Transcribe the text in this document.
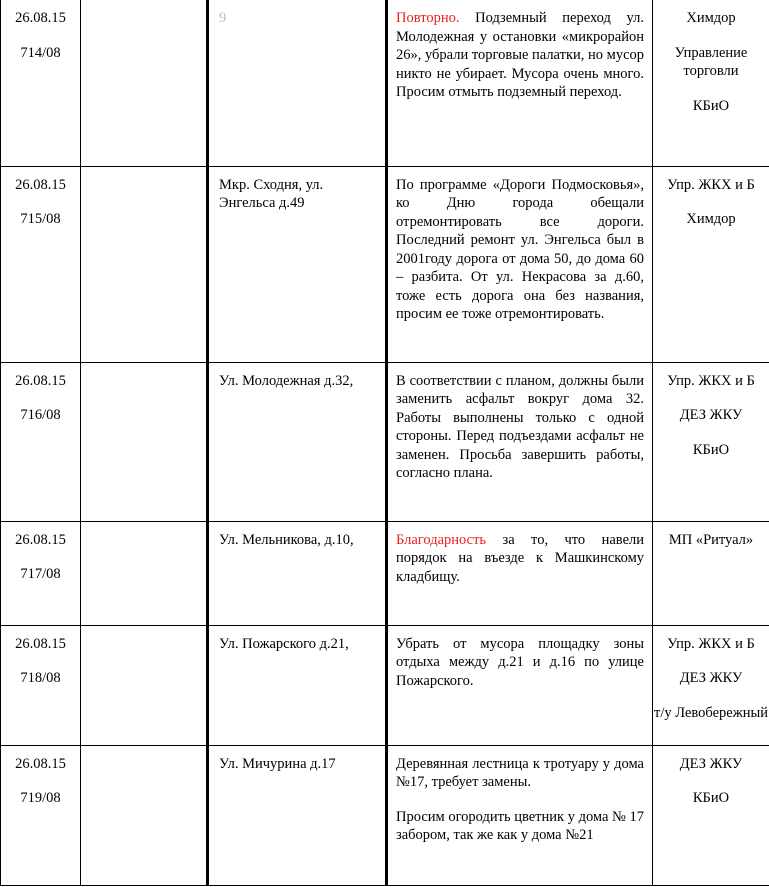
26.08.15
714/08		9	Повторно. Подземный переход ул. Молодежная у остановки «микрорайон 26», убрали торговые палатки, но мусор никто не убирает. Мусора очень много. Просим отмыть подземный переход.	Химдор
Управление торговли
КБиО

26.08.15
715/08		Мкр. Сходня, ул. Энгельса д.49	По программе «Дороги Подмосковья», ко Дню города обещали отремонтировать все дороги. Последний ремонт ул. Энгельса был в 2001году дорога от дома 50, до дома 60 – разбита. От ул. Некрасова за д.60, тоже есть дорога она без названия, просим ее тоже отремонтировать.	Упр. ЖКХ и Б
Химдор

26.08.15
716/08		Ул. Молодежная д.32,	В соответствии с планом, должны были заменить асфальт вокруг дома 32. Работы выполнены только с одной стороны. Перед подъездами асфальт не заменен. Просьба завершить работы, согласно плана.	Упр. ЖКХ и Б
ДЕЗ ЖКУ
КБиО

26.08.15
717/08		Ул. Мельникова, д.10,	Благодарность за то, что навели порядок на въезде к Машкинскому кладбищу.	МП «Ритуал»

26.08.15
718/08		Ул. Пожарского д.21,	Убрать от мусора площадку зоны отдыха между д.21 и д.16 по улице Пожарского.	Упр. ЖКХ и Б
ДЕЗ ЖКУ
т/у Левобережный

26.08.15
719/08		Ул. Мичурина д.17	Деревянная лестница к тротуару у дома №17, требует замены.
Просим огородить цветник у дома № 17 забором, так же как у дома №21	ДЕЗ ЖКУ
КБиО
